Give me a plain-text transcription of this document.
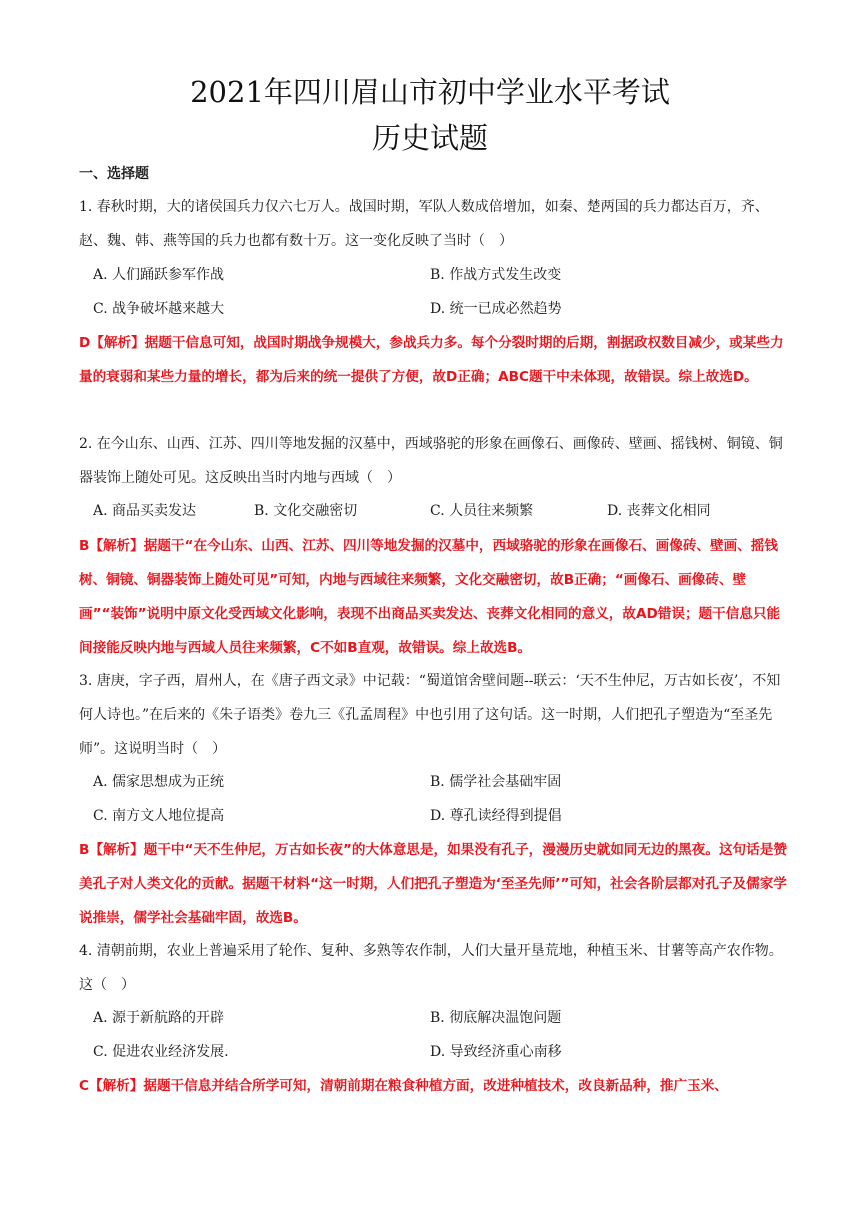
2021年四川眉山市初中学业水平考试
历史试题
一、选择题
1. 春秋时期，大的诸侯国兵力仅六七万人。战国时期，军队人数成倍增加，如秦、楚两国的兵力都达百万，齐、赵、魏、韩、燕等国的兵力也都有数十万。这一变化反映了当时（　）
A. 人们踊跃参军作战	B. 作战方式发生改变
C. 战争破坏越来越大	D. 统一已成必然趋势
D【解析】据题干信息可知，战国时期战争规模大，参战兵力多。每个分裂时期的后期，割据政权数目减少，或某些力量的衰弱和某些力量的增长，都为后来的统一提供了方便，故D正确；ABC题干中未体现，故错误。综上故选D。
2. 在今山东、山西、江苏、四川等地发掘的汉墓中，西域骆驼的形象在画像石、画像砖、壁画、摇钱树、铜镜、铜器装饰上随处可见。这反映出当时内地与西域（　）
A. 商品买卖发达	B. 文化交融密切	C. 人员往来频繁	D. 丧葬文化相同
B【解析】据题干“在今山东、山西、江苏、四川等地发掘的汉墓中，西域骆驼的形象在画像石、画像砖、壁画、摇钱树、铜镜、铜器装饰上随处可见”可知，内地与西域往来频繁，文化交融密切，故B正确；“画像石、画像砖、壁画”“装饰”说明中原文化受西域文化影响，表现不出商品买卖发达、丧葬文化相同的意义，故AD错误；题干信息只能间接能反映内地与西域人员往来频繁，C不如B直观，故错误。综上故选B。
3. 唐庚，字子西，眉州人，在《唐子西文录》中记载：“蜀道馆舍壁间题--联云：‘天不生仲尼，万古如长夜’，不知何人诗也。”在后来的《朱子语类》卷九三《孔孟周程》中也引用了这句话。这一时期，人们把孔子塑造为“至圣先师”。这说明当时（　）
A. 儒家思想成为正统	B. 儒学社会基础牢固
C. 南方文人地位提高	D. 尊孔读经得到提倡
B【解析】题干中“天不生仲尼，万古如长夜”的大体意思是，如果没有孔子，漫漫历史就如同无边的黑夜。这句话是赞美孔子对人类文化的贡献。据题干材料“这一时期，人们把孔子塑造为‘至圣先师’”可知，社会各阶层都对孔子及儒家学说推崇，儒学社会基础牢固，故选B。
4. 清朝前期，农业上普遍采用了轮作、复种、多熟等农作制，人们大量开垦荒地，种植玉米、甘薯等高产农作物。这（　）
A. 源于新航路的开辟	B. 彻底解决温饱问题
C. 促进农业经济发展.	D. 导致经济重心南移
C【解析】据题干信息并结合所学可知，清朝前期在粮食种植方面，改进种植技术，改良新品种，推广玉米、
